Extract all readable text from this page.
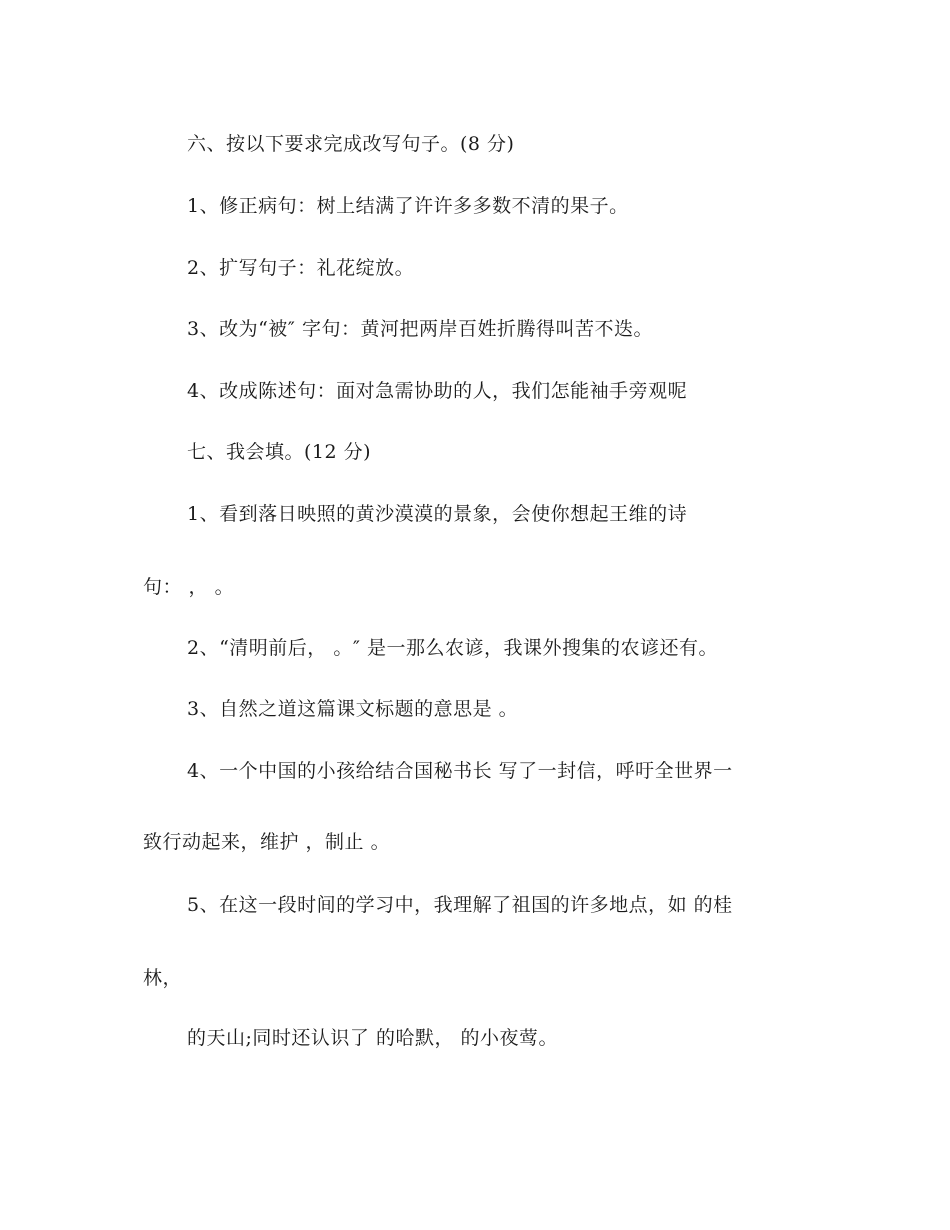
六、按以下要求完成改写句子。(8 分)
1、修正病句：树上结满了许许多多数不清的果子。
2、扩写句子：礼花绽放。
3、改为“被″ 字句：黄河把两岸百姓折腾得叫苦不迭。
4、改成陈述句：面对急需协助的人，我们怎能袖手旁观呢
七、我会填。(12 分)
1、看到落日映照的黄沙漠漠的景象，会使你想起王维的诗
句： ， 。
2、“清明前后， 。″ 是一那么农谚，我课外搜集的农谚还有。
3、自然之道这篇课文标题的意思是 。
4、一个中国的小孩给结合国秘书长 写了一封信，呼吁全世界一
致行动起来，维护 ，制止 。
5、在这一段时间的学习中，我理解了祖国的许多地点，如 的桂
林，
的天山;同时还认识了 的哈默， 的小夜莺。
